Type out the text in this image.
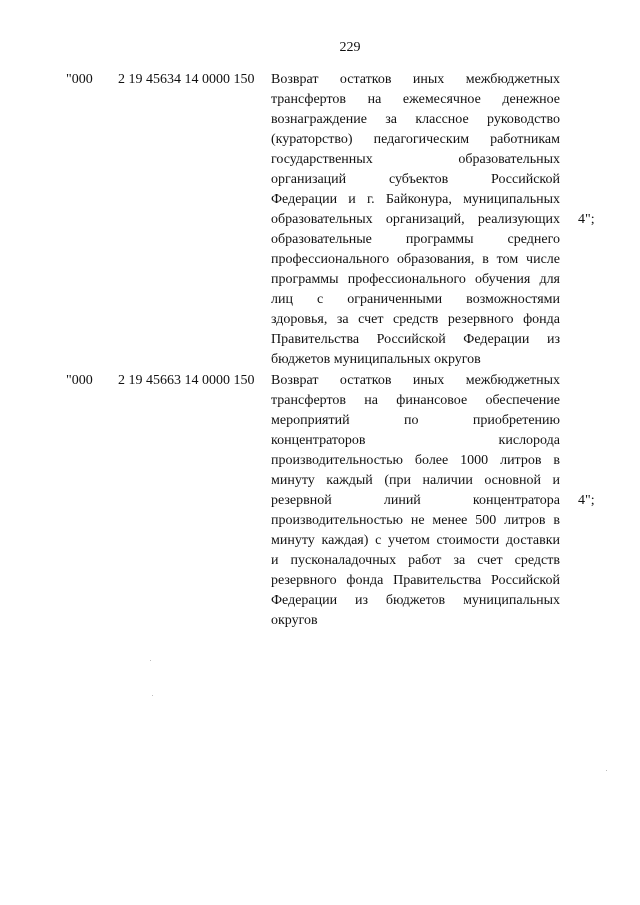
229
"000 2 19 45634 14 0000 150 Возврат остатков иных межбюджетных
трансфертов на ежемесячное денежное
вознаграждение за классное руководство
(кураторство) педагогическим работникам
государственных образовательных
организаций субъектов Российской
Федерации и г. Байконура, муниципальных
образовательных организаций, реализующих
образовательные программы среднего
профессионального образования, в том числе
программы профессионального обучения для
лиц с ограниченными возможностями
здоровья, за счет средств резервного фонда
Правительства Российской Федерации из
бюджетов муниципальных округов
4";
"000 2 19 45663 14 0000 150 Возврат остатков иных межбюджетных
трансфертов на финансовое обеспечение
мероприятий по приобретению
концентраторов кислорода
производительностью более 1000 литров в
минуту каждый (при наличии основной и
резервной линий концентратора
производительностью не менее 500 литров в
минуту каждая) с учетом стоимости доставки
и пусконаладочных работ за счет средств
резервного фонда Правительства Российской
Федерации из бюджетов муниципальных
округов
4";
